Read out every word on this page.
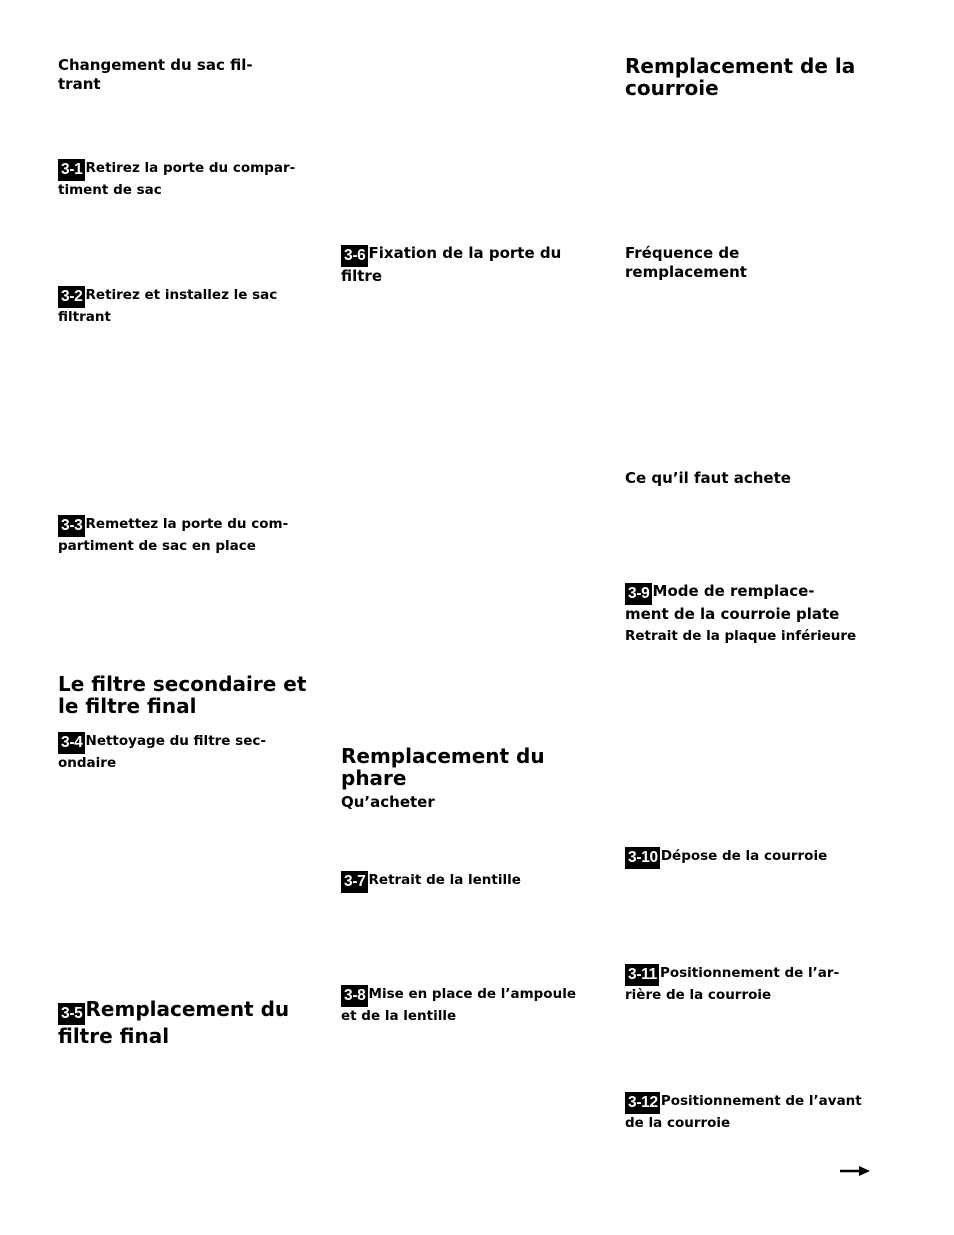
Changement du sac fil-
trant
3-1 Retirez la porte du compar-
timent de sac
3-2 Retirez et installez le sac
filtrant
3-3 Remettez la porte du com-
partiment de sac en place
Le filtre secondaire et
le filtre final
3-4 Nettoyage du filtre sec-
ondaire
3-5 Remplacement du
filtre final
3-6 Fixation de la porte du
filtre
Remplacement du
phare
Qu’acheter
3-7 Retrait de la lentille
3-8 Mise en place de l’ampoule
et de la lentille
Remplacement de la
courroie
Fréquence de
remplacement
Ce qu’il faut achete
3-9 Mode de remplace-
ment de la courroie plate
Retrait de la plaque inférieure
3-10 Dépose de la courroie
3-11 Positionnement de l’ar-
rière de la courroie
3-12 Positionnement de l’avant
de la courroie
